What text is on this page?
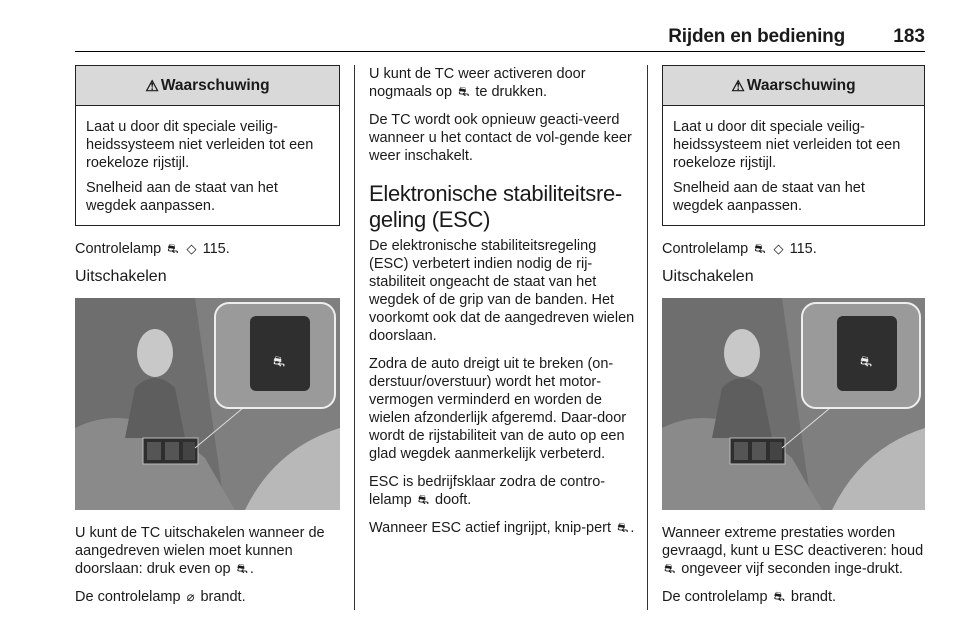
Rijden en bediening	183
⚠ Waarschuwing

Laat u door dit speciale veilig-heidssysteem niet verleiden tot een roekeloze rijstijl.

Snelheid aan de staat van het wegdek aanpassen.

Controlelamp ⛐ ◇ 115.

Uitschakelen
⛐

U kunt de TC uitschakelen wanneer de aangedreven wielen moet kunnen doorslaan: druk even op ⛐ .

De controlelamp ⌀ brandt.

U kunt de TC weer activeren door nogmaals op ⛐ te drukken.

De TC wordt ook opnieuw geacti-veerd wanneer u het contact de vol-gende keer weer inschakelt.

Elektronische stabiliteitsre-geling (ESC)

De elektronische stabiliteitsregeling (ESC) verbetert indien nodig de rij-stabiliteit ongeacht de staat van het wegdek of de grip van de banden. Het voorkomt ook dat de aangedreven wielen doorslaan.

Zodra de auto dreigt uit te breken (on-derstuur/overstuur) wordt het motor-vermogen verminderd en worden de wielen afzonderlijk afgeremd. Daar-door wordt de rijstabiliteit van de auto op een glad wegdek aanmerkelijk verbeterd.

ESC is bedrijfsklaar zodra de contro-lelamp ⛐ dooft.

Wanneer ESC actief ingrijpt, knip-pert ⛐ .

⚠ Waarschuwing

Laat u door dit speciale veilig-heidssysteem niet verleiden tot een roekeloze rijstijl.

Snelheid aan de staat van het wegdek aanpassen.

Controlelamp ⛐ ◇ 115.

Uitschakelen
⛐

Wanneer extreme prestaties worden gevraagd, kunt u ESC deactiveren: houd ⛐ ongeveer vijf seconden inge-drukt.

De controlelamp ⛐ brandt.
